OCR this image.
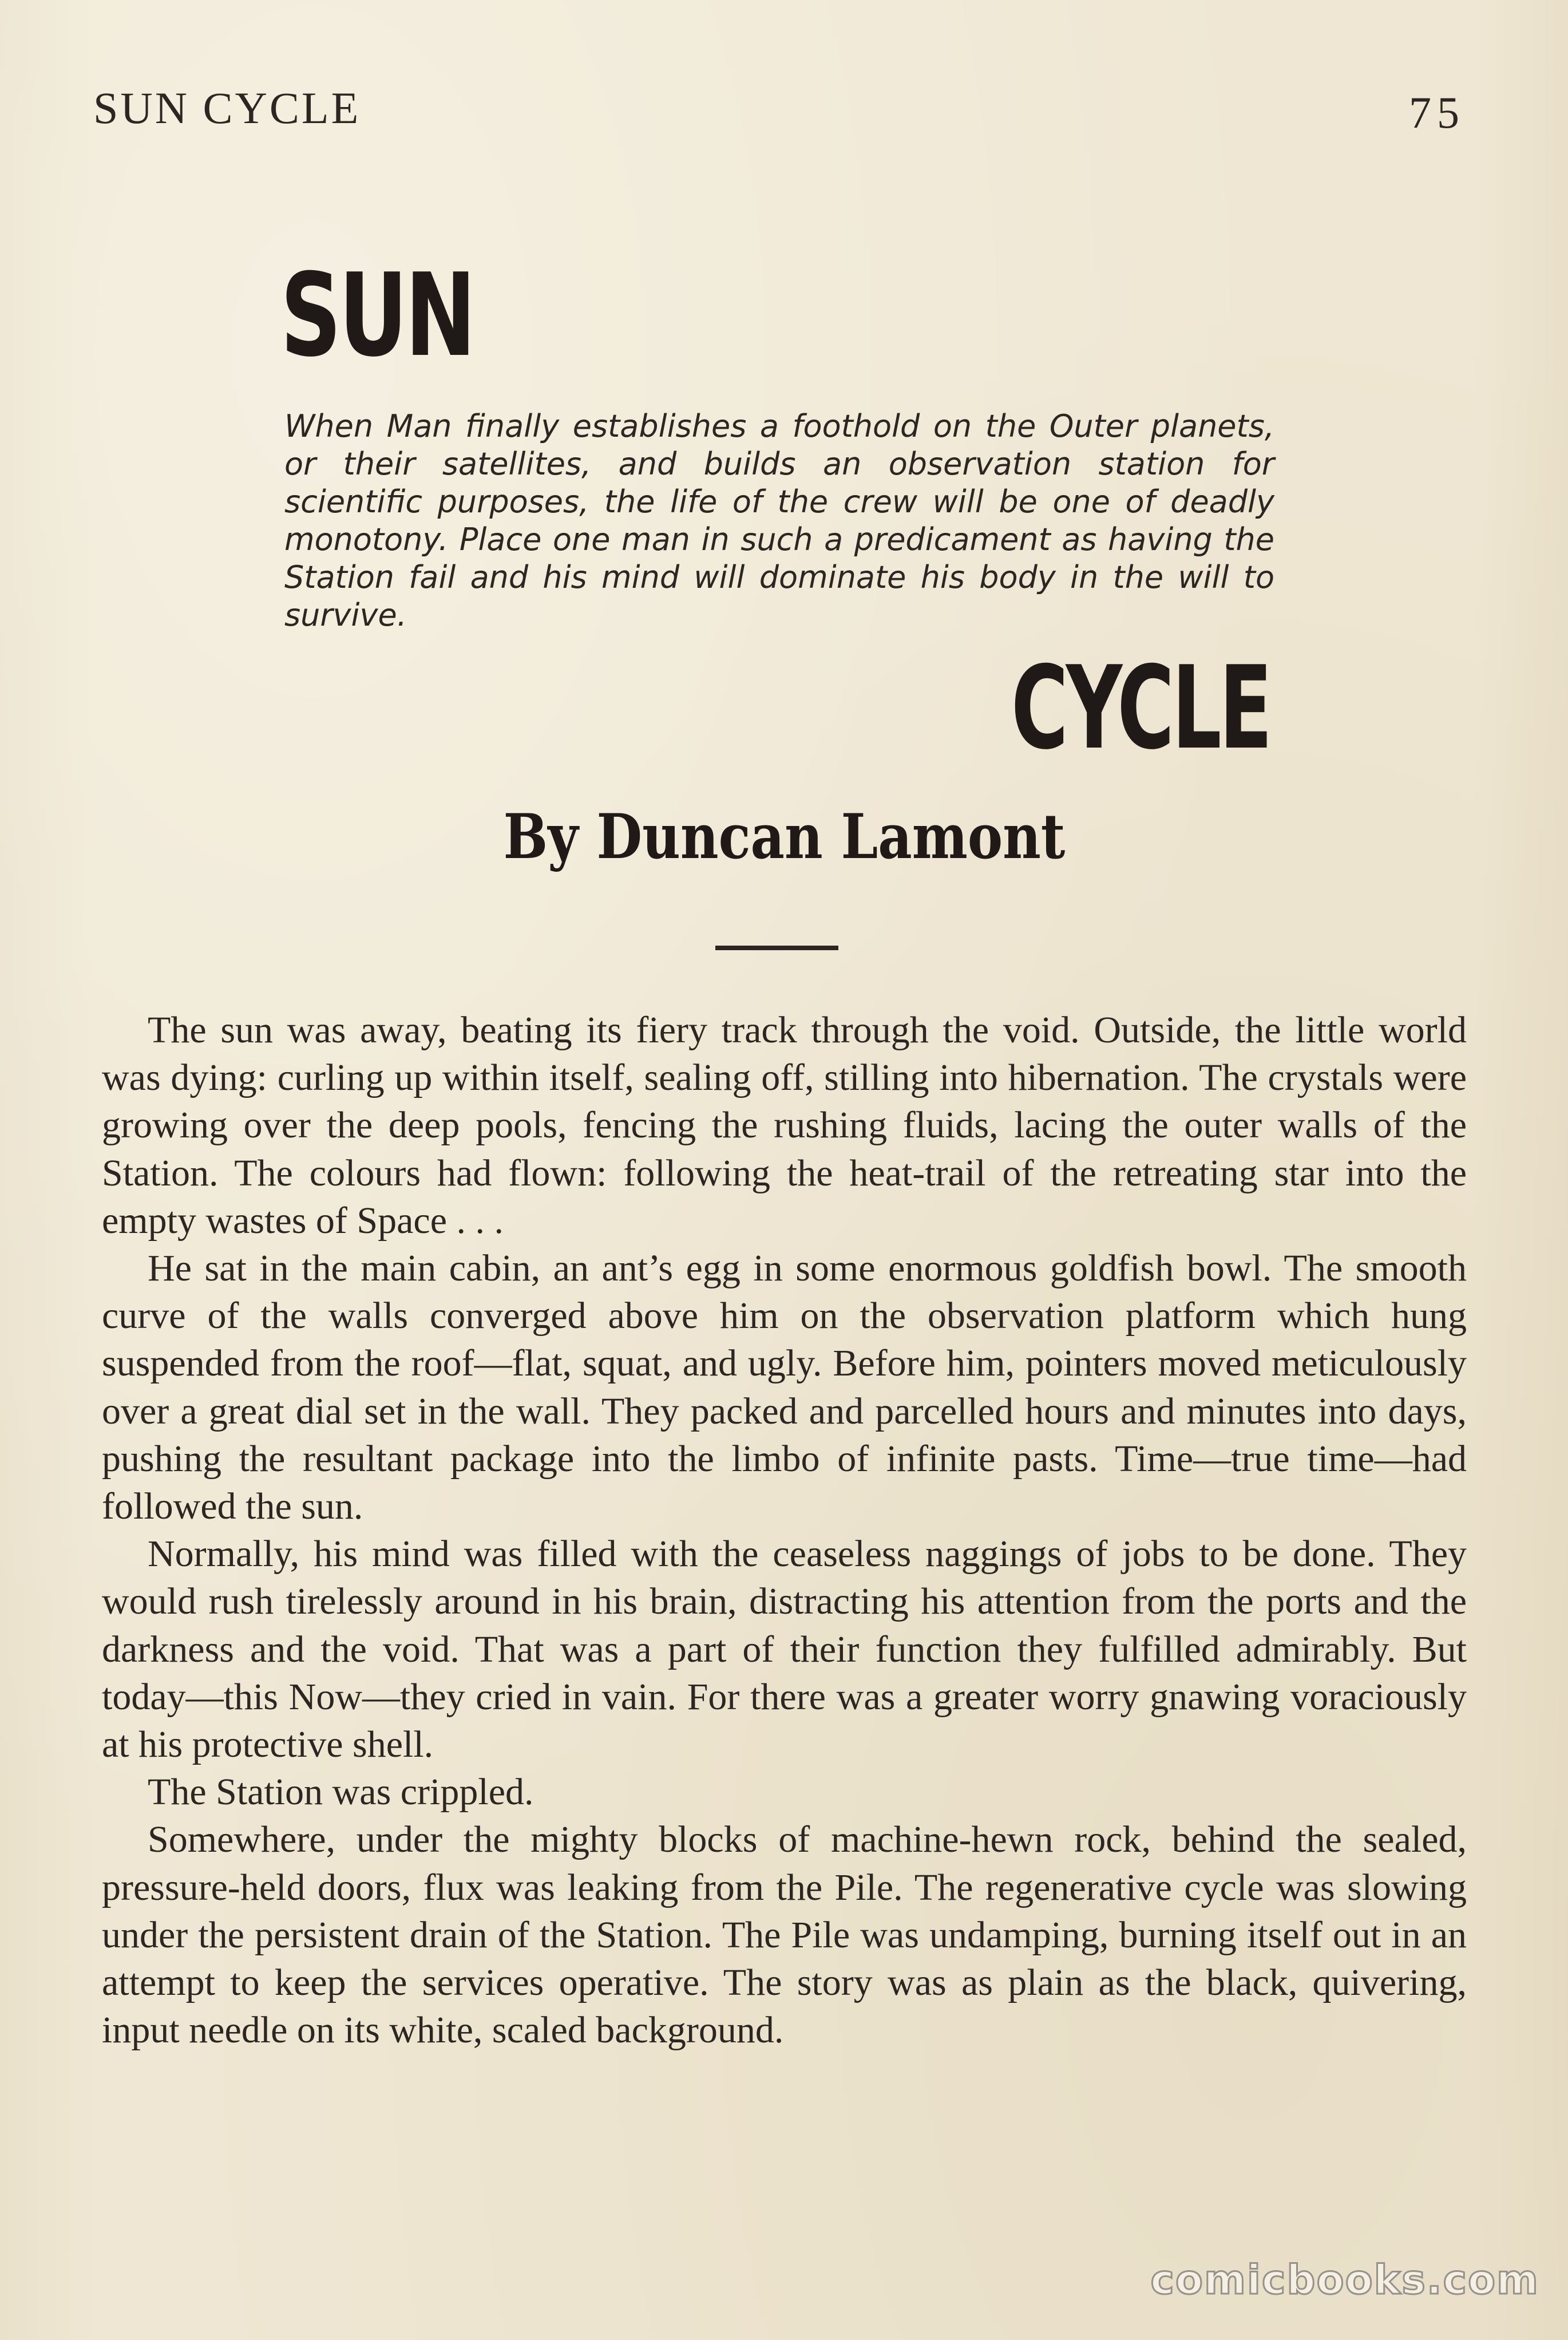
SUN CYCLE	75
SUN

When Man finally establishes a foothold on the Outer planets, or their satellites, and builds an observation station for scientific purposes, the life of the crew will be one of deadly monotony. Place one man in such a predicament as having the Station fail and his mind will dominate his body in the will to survive.

CYCLE
By Duncan Lamont

The sun was away, beating its fiery track through the void. Outside, the little world was dying: curling up within itself, sealing off, stilling into hibernation. The crystals were growing over the deep pools, fencing the rushing fluids, lacing the outer walls of the Station. The colours had flown: following the heat-trail of the retreating star into the empty wastes of Space . . .

He sat in the main cabin, an ant’s egg in some enormous goldfish bowl. The smooth curve of the walls converged above him on the observation platform which hung suspended from the roof—flat, squat, and ugly. Before him, pointers moved meticulously over a great dial set in the wall. They packed and parcelled hours and minutes into days, pushing the resultant package into the limbo of infinite pasts. Time—true time—had followed the sun.

Normally, his mind was filled with the ceaseless naggings of jobs to be done. They would rush tirelessly around in his brain, distracting his attention from the ports and the darkness and the void. That was a part of their function they fulfilled admirably. But today—this Now—they cried in vain. For there was a greater worry gnawing voraciously at his protective shell.

The Station was crippled.

Somewhere, under the mighty blocks of machine-hewn rock, behind the sealed, pressure-held doors, flux was leaking from the Pile. The regenerative cycle was slowing under the persistent drain of the Station. The Pile was undamping, burning itself out in an attempt to keep the services operative. The story was as plain as the black, quivering, input needle on its white, scaled background.

comicbooks.com
